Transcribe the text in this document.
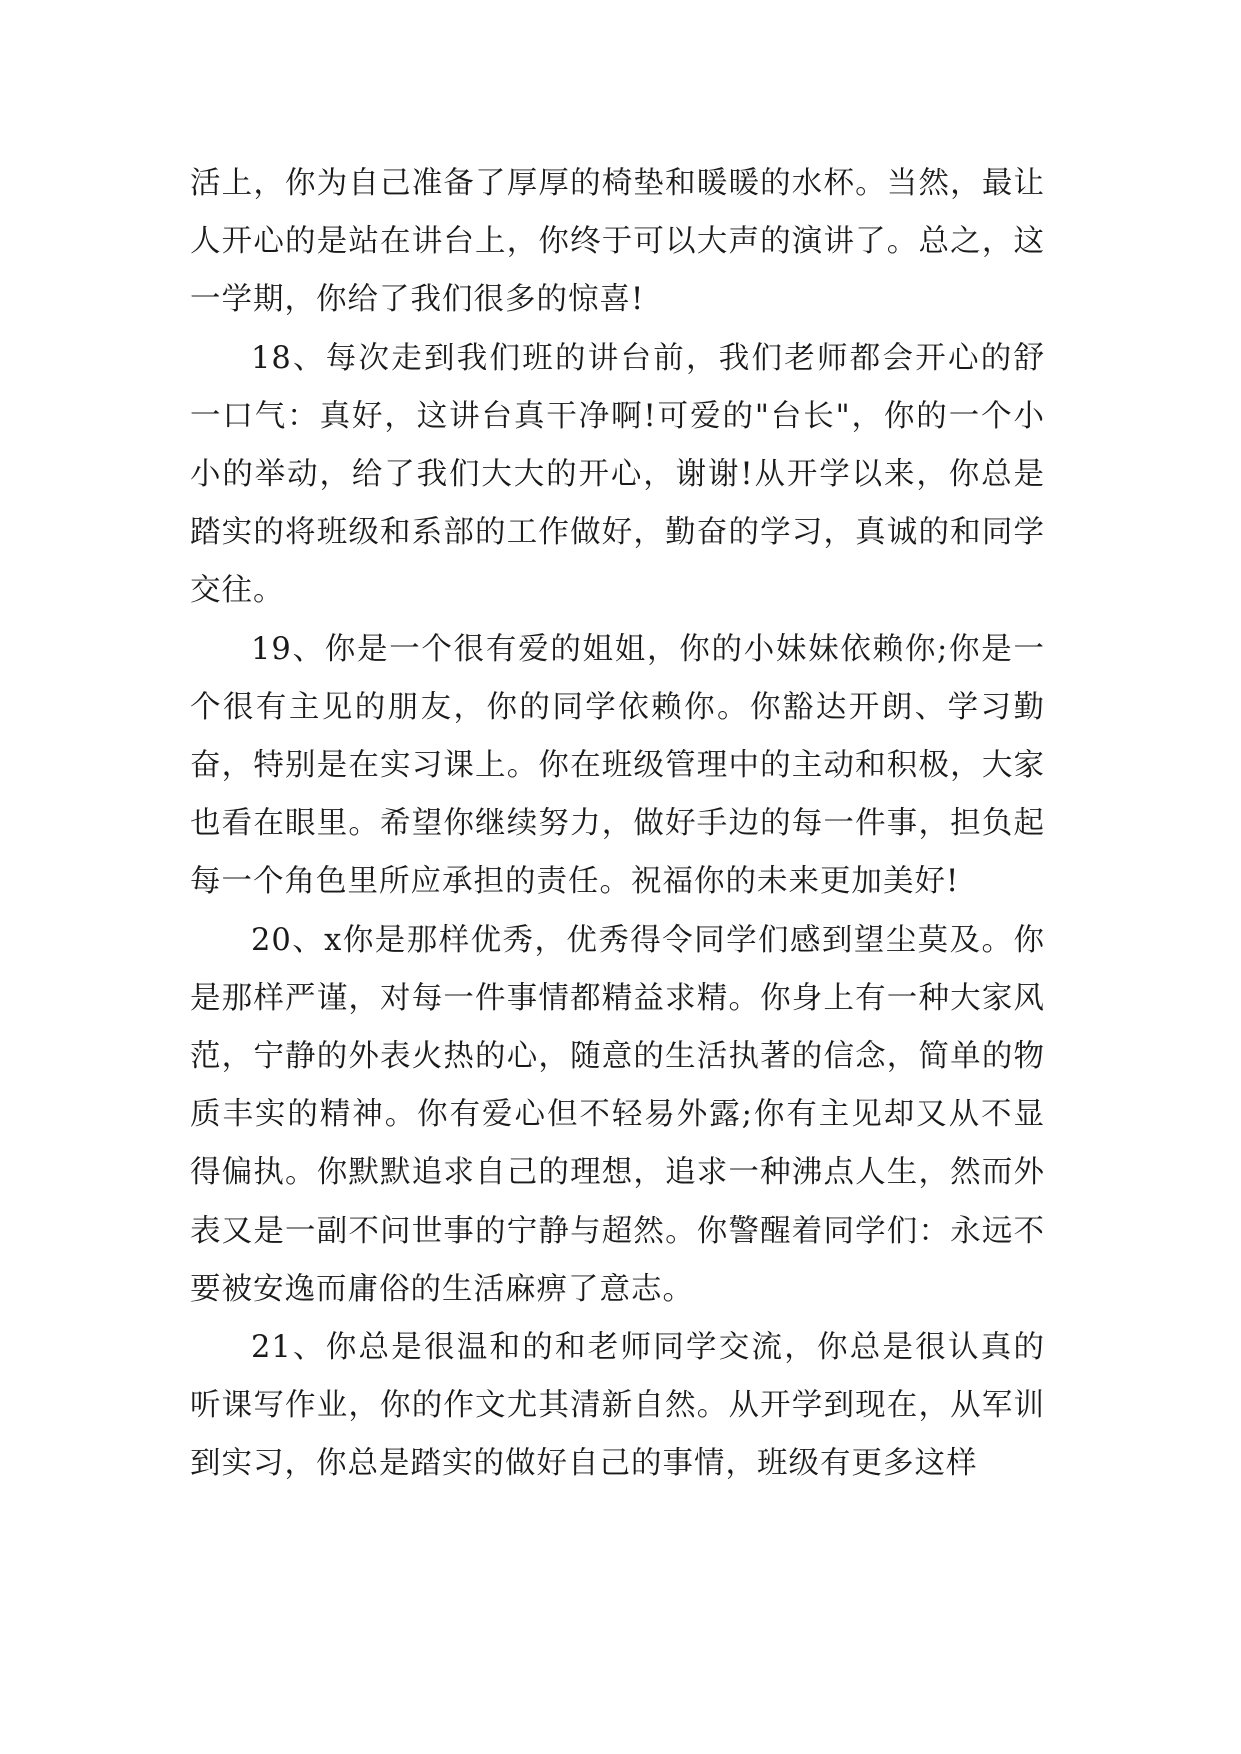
活上，你为自己准备了厚厚的椅垫和暖暖的水杯。当然，最让人开心的是站在讲台上，你终于可以大声的演讲了。总之，这一学期，你给了我们很多的惊喜!

18、每次走到我们班的讲台前，我们老师都会开心的舒一口气：真好，这讲台真干净啊!可爱的"台长"，你的一个小小的举动，给了我们大大的开心，谢谢!从开学以来，你总是踏实的将班级和系部的工作做好，勤奋的学习，真诚的和同学交往。

19、你是一个很有爱的姐姐，你的小妹妹依赖你;你是一个很有主见的朋友，你的同学依赖你。你豁达开朗、学习勤奋，特别是在实习课上。你在班级管理中的主动和积极，大家也看在眼里。希望你继续努力，做好手边的每一件事，担负起每一个角色里所应承担的责任。祝福你的未来更加美好!

20、x你是那样优秀，优秀得令同学们感到望尘莫及。你是那样严谨，对每一件事情都精益求精。你身上有一种大家风范，宁静的外表火热的心，随意的生活执著的信念，简单的物质丰实的精神。你有爱心但不轻易外露;你有主见却又从不显得偏执。你默默追求自己的理想，追求一种沸点人生，然而外表又是一副不问世事的宁静与超然。你警醒着同学们：永远不要被安逸而庸俗的生活麻痹了意志。

21、你总是很温和的和老师同学交流，你总是很认真的听课写作业，你的作文尤其清新自然。从开学到现在，从军训到实习，你总是踏实的做好自己的事情，班级有更多这样
